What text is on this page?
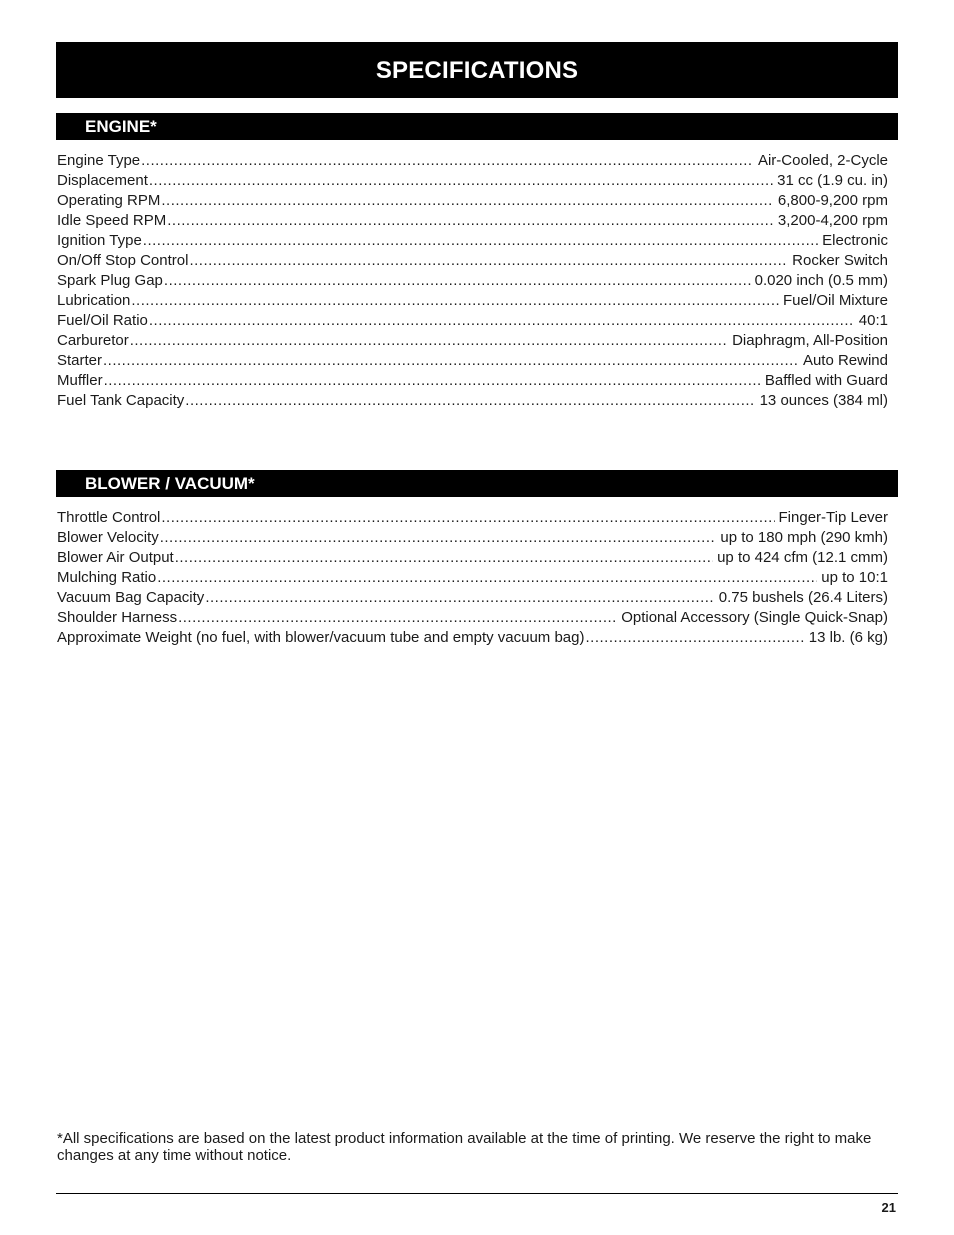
SPECIFICATIONS
ENGINE*
Engine Type .....	Air-Cooled, 2-Cycle
Displacement .....	31 cc (1.9 cu. in)
Operating RPM .....	6,800-9,200 rpm
Idle Speed RPM .....	3,200-4,200 rpm
Ignition Type .....	Electronic
On/Off Stop Control .....	Rocker Switch
Spark Plug Gap .....	0.020 inch (0.5 mm)
Lubrication .....	Fuel/Oil Mixture
Fuel/Oil Ratio .....	40:1
Carburetor .....	Diaphragm, All-Position
Starter .....	Auto Rewind
Muffler .....	Baffled with Guard
Fuel Tank Capacity .....	13 ounces (384 ml)
BLOWER / VACUUM*
Throttle Control .....	Finger-Tip Lever
Blower Velocity .....	up to 180 mph (290 kmh)
Blower Air Output .....	up to 424 cfm (12.1 cmm)
Mulching Ratio .....	up to 10:1
Vacuum Bag Capacity .....	0.75 bushels (26.4 Liters)
Shoulder Harness .....	Optional Accessory (Single Quick-Snap)
Approximate Weight (no fuel, with blower/vacuum tube and empty vacuum bag) .....	13 lb. (6 kg)

*All specifications are based on the latest product information available at the time of printing. We reserve the right to make changes at any time without notice.

21
